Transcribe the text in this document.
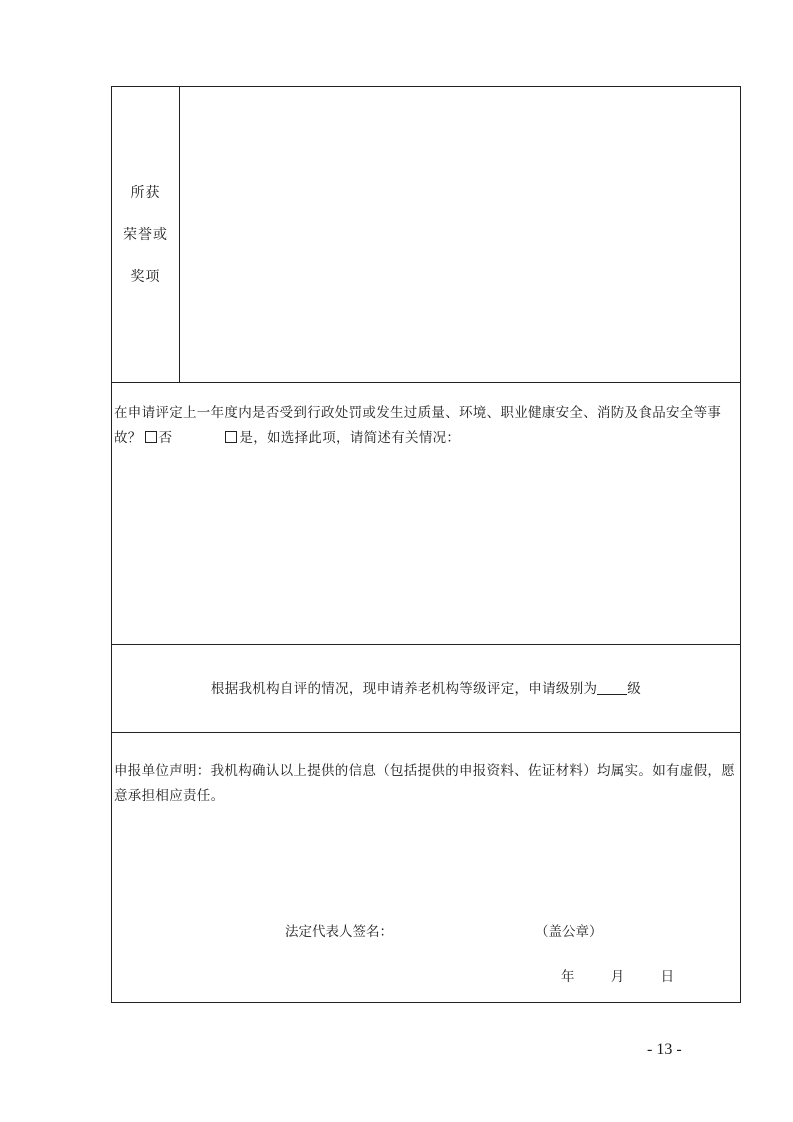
所获
荣誉或
奖项
在申请评定上一年度内是否受到行政处罚或发生过质量、环境、职业健康安全、消防及食品安全等事故？ 否	是，如选择此项，请简述有关情况：
根据我机构自评的情况，现申请养老机构等级评定，申请级别为 级
申报单位声明：我机构确认以上提供的信息（包括提供的申报资料、佐证材料）均属实。如有虚假，愿意承担相应责任。
法定代表人签名：	（盖公章）
年	月	日
- 13 -
